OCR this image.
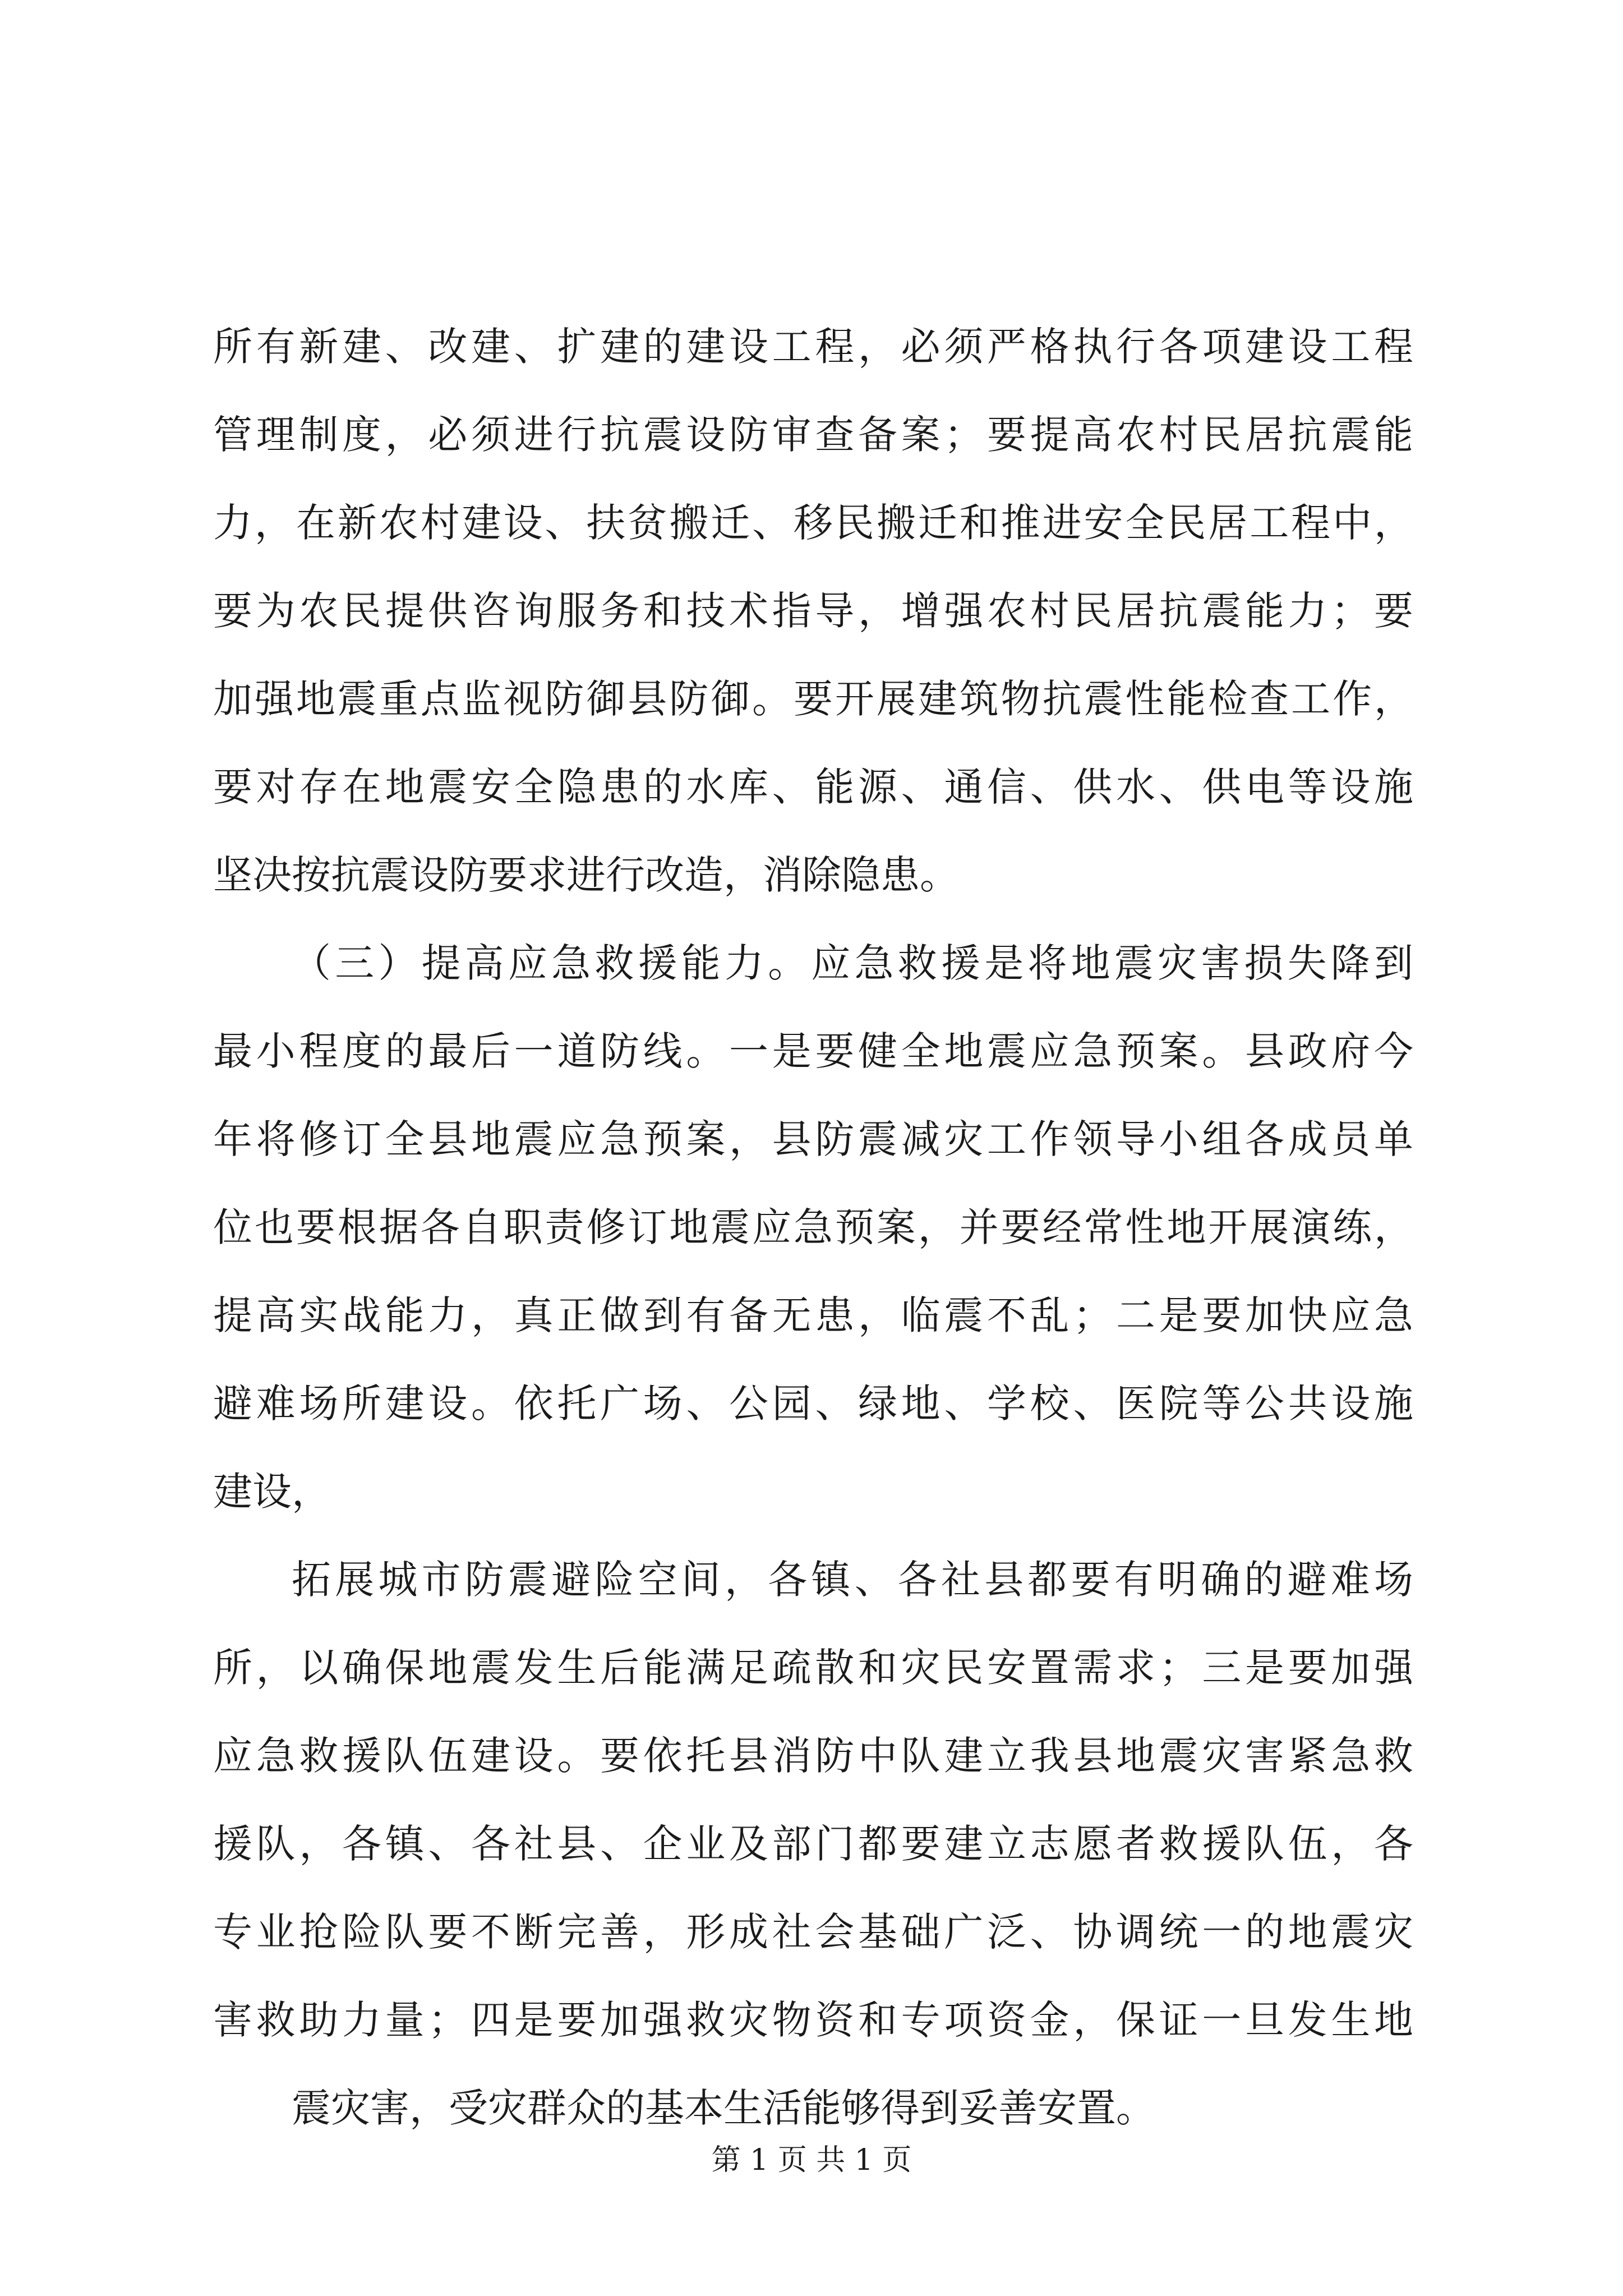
所有新建、改建、扩建的建设工程，必须严格执行各项建设工程
管理制度，必须进行抗震设防审查备案；要提高农村民居抗震能
力，在新农村建设、扶贫搬迁、移民搬迁和推进安全民居工程中，
要为农民提供咨询服务和技术指导，增强农村民居抗震能力；要
加强地震重点监视防御县防御。要开展建筑物抗震性能检查工作，
要对存在地震安全隐患的水库、能源、通信、供水、供电等设施
坚决按抗震设防要求进行改造，消除隐患。
（三）提高应急救援能力。应急救援是将地震灾害损失降到
最小程度的最后一道防线。一是要健全地震应急预案。县政府今
年将修订全县地震应急预案，县防震减灾工作领导小组各成员单
位也要根据各自职责修订地震应急预案，并要经常性地开展演练，
提高实战能力，真正做到有备无患，临震不乱；二是要加快应急
避难场所建设。依托广场、公园、绿地、学校、医院等公共设施
建设，
拓展城市防震避险空间，各镇、各社县都要有明确的避难场
所，以确保地震发生后能满足疏散和灾民安置需求；三是要加强
应急救援队伍建设。要依托县消防中队建立我县地震灾害紧急救
援队，各镇、各社县、企业及部门都要建立志愿者救援队伍，各
专业抢险队要不断完善，形成社会基础广泛、协调统一的地震灾
害救助力量；四是要加强救灾物资和专项资金，保证一旦发生地
震灾害，受灾群众的基本生活能够得到妥善安置。
第 1 页 共 1 页
